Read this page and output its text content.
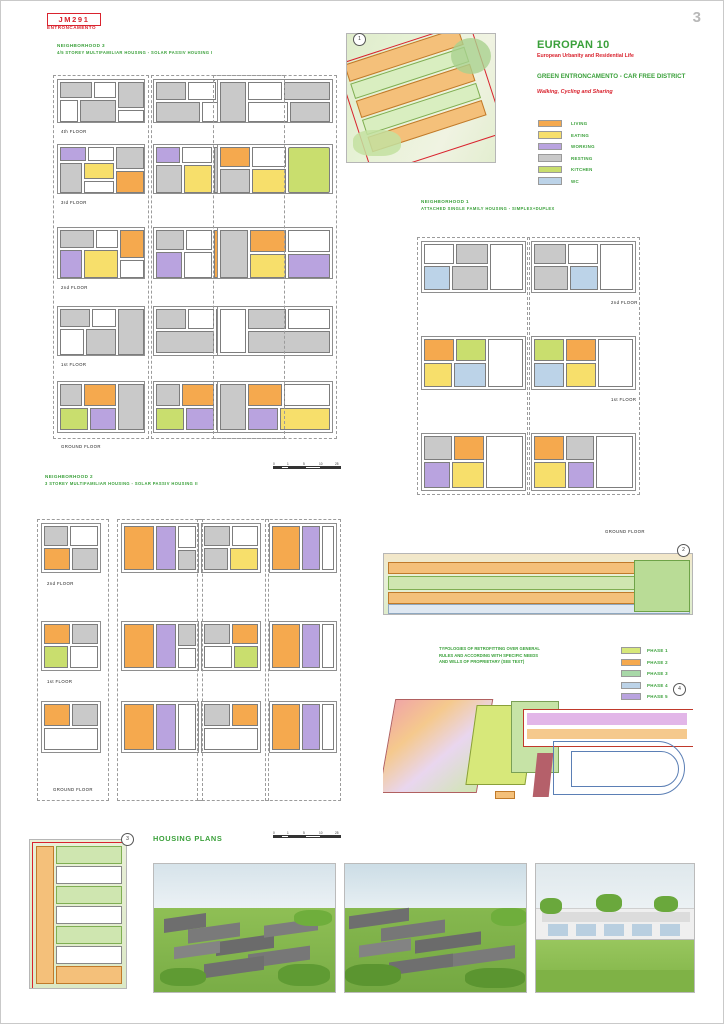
JM291
ENTRONCAMENTO
3
EUROPAN 10
European Urbanity and Residential Life
GREEN ENTRONCAMENTO - CAR FREE DISTRICT
Walking, Cycling and Sharing
LIVING
EATING
WORKING
RESTING
KITCHEN
WC
NEIGHBORHOOD 3
4/5 STOREY MULTIFAMILIAR HOUSING - SOLAR PASSIV HOUSING I
NEIGHBORHOOD 1
ATTACHED SINGLE FAMILY HOUSING - SIMPLEX+DUPLEX
NEIGHBORHOOD 2
3 STOREY MULTIFAMILIAR HOUSING - SOLAR PASSIV HOUSING II
HOUSING PLANS
4th FLOOR
3rd FLOOR
2nd FLOOR
1st FLOOR
GROUND FLOOR
0	1	5	10	25
2nd FLOOR
1st FLOOR
GROUND FLOOR
2nd FLOOR
1st FLOOR
GROUND FLOOR
0	1	5	10	25
1
2
TYPOLOGIES OF RETROFITTING OVER GENERAL RULES AND ACCORDING WITH SPECIFIC NEEDS AND WILLS OF PROPRIETARY (SEE TEXT)
PHASE 1
PHASE 2
PHASE 3
PHASE 4
PHASE 5
3
4
